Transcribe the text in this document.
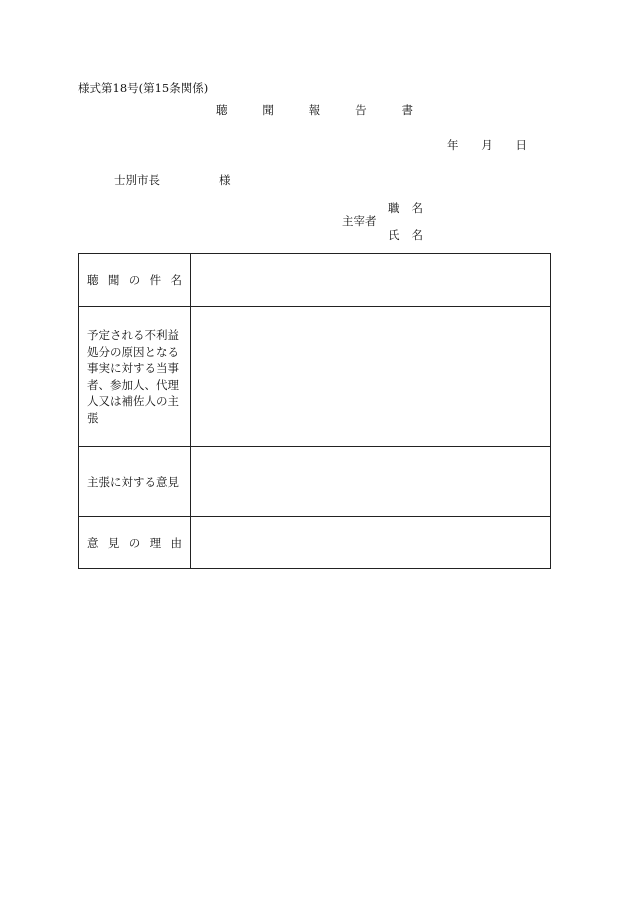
様式第18号(第15条関係)
聴	聞	報	告	書
年 月 日
士別市長	様
主宰者
職 名
氏 名
聴 聞 の 件 名	

予定される不利益処分の原因となる事実に対する当事者、参加人、代理人又は補佐人の主張	

主張に対する意見	

意 見 の 理 由	
